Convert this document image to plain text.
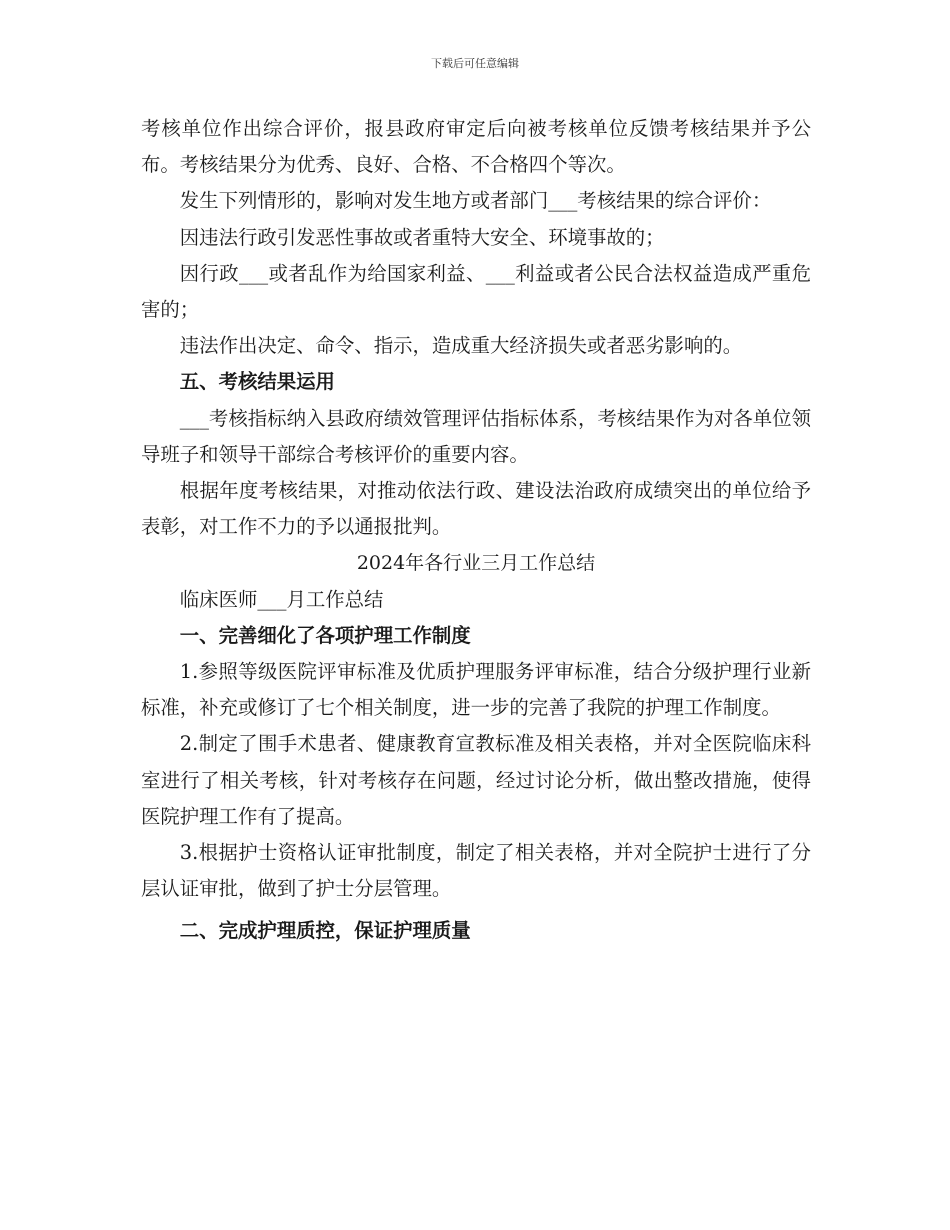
下载后可任意编辑

考核单位作出综合评价，报县政府审定后向被考核单位反馈考核结果并予公布。考核结果分为优秀、良好、合格、不合格四个等次。

发生下列情形的，影响对发生地方或者部门___考核结果的综合评价：

因违法行政引发恶性事故或者重特大安全、环境事故的；

因行政___或者乱作为给国家利益、___利益或者公民合法权益造成严重危害的；

违法作出决定、命令、指示，造成重大经济损失或者恶劣影响的。

五、考核结果运用

___考核指标纳入县政府绩效管理评估指标体系，考核结果作为对各单位领导班子和领导干部综合考核评价的重要内容。

根据年度考核结果，对推动依法行政、建设法治政府成绩突出的单位给予表彰，对工作不力的予以通报批判。

2024年各行业三月工作总结

临床医师___月工作总结

一、完善细化了各项护理工作制度

1.参照等级医院评审标准及优质护理服务评审标准，结合分级护理行业新标准，补充或修订了七个相关制度，进一步的完善了我院的护理工作制度。

2.制定了围手术患者、健康教育宣教标准及相关表格，并对全医院临床科室进行了相关考核，针对考核存在问题，经过讨论分析，做出整改措施，使得医院护理工作有了提高。

3.根据护士资格认证审批制度，制定了相关表格，并对全院护士进行了分层认证审批，做到了护士分层管理。

二、完成护理质控，保证护理质量
